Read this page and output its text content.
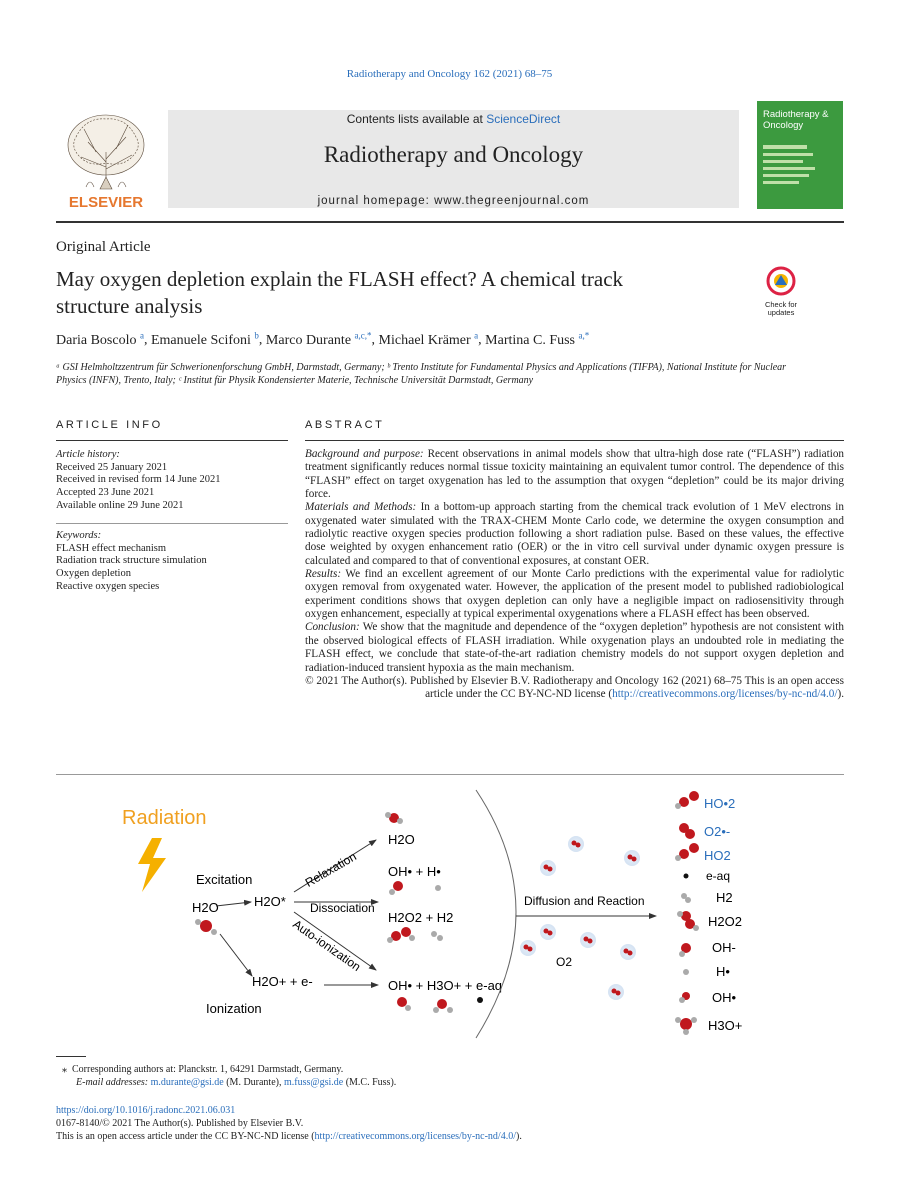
Radiotherapy and Oncology 162 (2021) 68–75
ELSEVIER
Contents lists available at ScienceDirect
Radiotherapy and Oncology
journal homepage: www.thegreenjournal.com
Radiotherapy & Oncology
Original Article
May oxygen depletion explain the FLASH effect? A chemical track
structure analysis	Check for
updates
Daria Boscolo $^a$, Emanuele Scifoni $^b$, Marco Durante $^{a,c,*}$, Michael Krämer $^a$, Martina C. Fuss $^{a,*}$
ᵃ GSI Helmholtzzentrum für Schwerionenforschung GmbH, Darmstadt, Germany; ᵇ Trento Institute for Fundamental Physics and Applications (TIFPA), National Institute for Nuclear
Physics (INFN), Trento, Italy; ᶜ Institut für Physik Kondensierter Materie, Technische Universität Darmstadt, Germany
ARTICLE INFO
Article history:
Received 25 January 2021
Received in revised form 14 June 2021
Accepted 23 June 2021
Available online 29 June 2021
Keywords:
FLASH effect mechanism
Radiation track structure simulation
Oxygen depletion
Reactive oxygen species
ABSTRACT

Background and purpose: Recent observations in animal models show that ultra-high dose rate (“FLASH”) radiation treatment significantly reduces normal tissue toxicity maintaining an equivalent tumor control. The dependence of this “FLASH” effect on target oxygenation has led to the assumption that oxygen “depletion” could be its major driving force.

Materials and Methods: In a bottom-up approach starting from the chemical track evolution of 1 MeV electrons in oxygenated water simulated with the TRAX-CHEM Monte Carlo code, we determine the oxygen consumption and radiolytic reactive oxygen species production following a short radiation pulse. Based on these values, the effective dose weighted by oxygen enhancement ratio (OER) or the in vitro cell survival under dynamic oxygen pressure is calculated and compared to that of conventional exposures, at constant OER.

Results: We find an excellent agreement of our Monte Carlo predictions with the experimental value for radiolytic oxygen removal from oxygenated water. However, the application of the present model to published radiobiological experiment conditions shows that oxygen depletion can only have a negligible impact on radiosensitivity through oxygen enhancement, especially at typical experimental oxygenations where a FLASH effect has been observed.

Conclusion: We show that the magnitude and dependence of the “oxygen depletion” hypothesis are not consistent with the observed biological effects of FLASH irradiation. While oxygenation plays an undoubted role in mediating the FLASH effect, we conclude that state-of-the-art radiation chemistry models do not support oxygen depletion and radiation-induced transient hypoxia as the main mechanism.

© 2021 The Author(s). Published by Elsevier B.V. Radiotherapy and Oncology 162 (2021) 68–75 This is an open access article under the CC BY-NC-ND license (http://creativecommons.org/licenses/by-nc-nd/4.0/).

Radiation
Excitation
H2O	H2O*
Ionization
H2O+ + e-
Relaxation
Dissociation
Auto-ionization
H2O
OH• + H•
H2O2 + H2
OH• + H3O+ + e-aq
Diffusion and Reaction
O2
HO•2
O2•-
HO2
e-aq
H2
H2O2
OH-
H•
OH•
H3O+
⁎ Corresponding authors at: Planckstr. 1, 64291 Darmstadt, Germany.
E-mail addresses: m.durante@gsi.de (M. Durante), m.fuss@gsi.de (M.C. Fuss).
https://doi.org/10.1016/j.radonc.2021.06.031
0167-8140/© 2021 The Author(s). Published by Elsevier B.V.
This is an open access article under the CC BY-NC-ND license (http://creativecommons.org/licenses/by-nc-nd/4.0/).
